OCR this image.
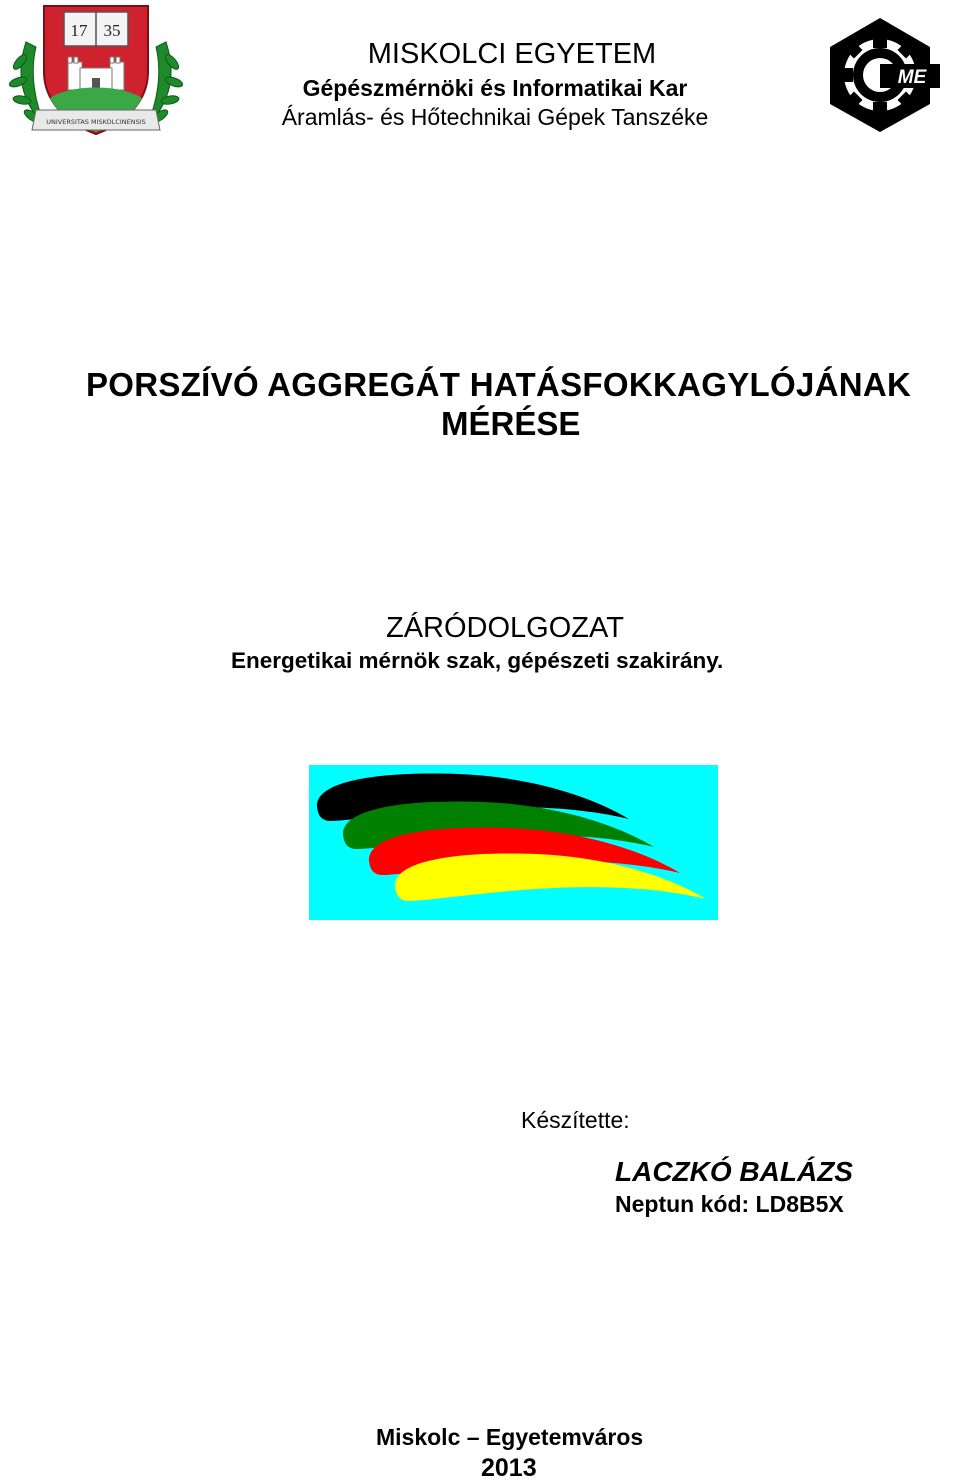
17 35
UNIVERSITAS MISKOLCINENSIS
ME
MISKOLCI EGYETEM
Gépészmérnöki és Informatikai Kar
Áramlás- és Hőtechnikai Gépek Tanszéke
PORSZÍVÓ AGGREGÁT HATÁSFOKKAGYLÓJÁNAK
MÉRÉSE
ZÁRÓDOLGOZAT
Energetikai mérnök szak, gépészeti szakirány.
Készítette:
LACZKÓ BALÁZS
Neptun kód: LD8B5X
Miskolc – Egyetemváros
2013
